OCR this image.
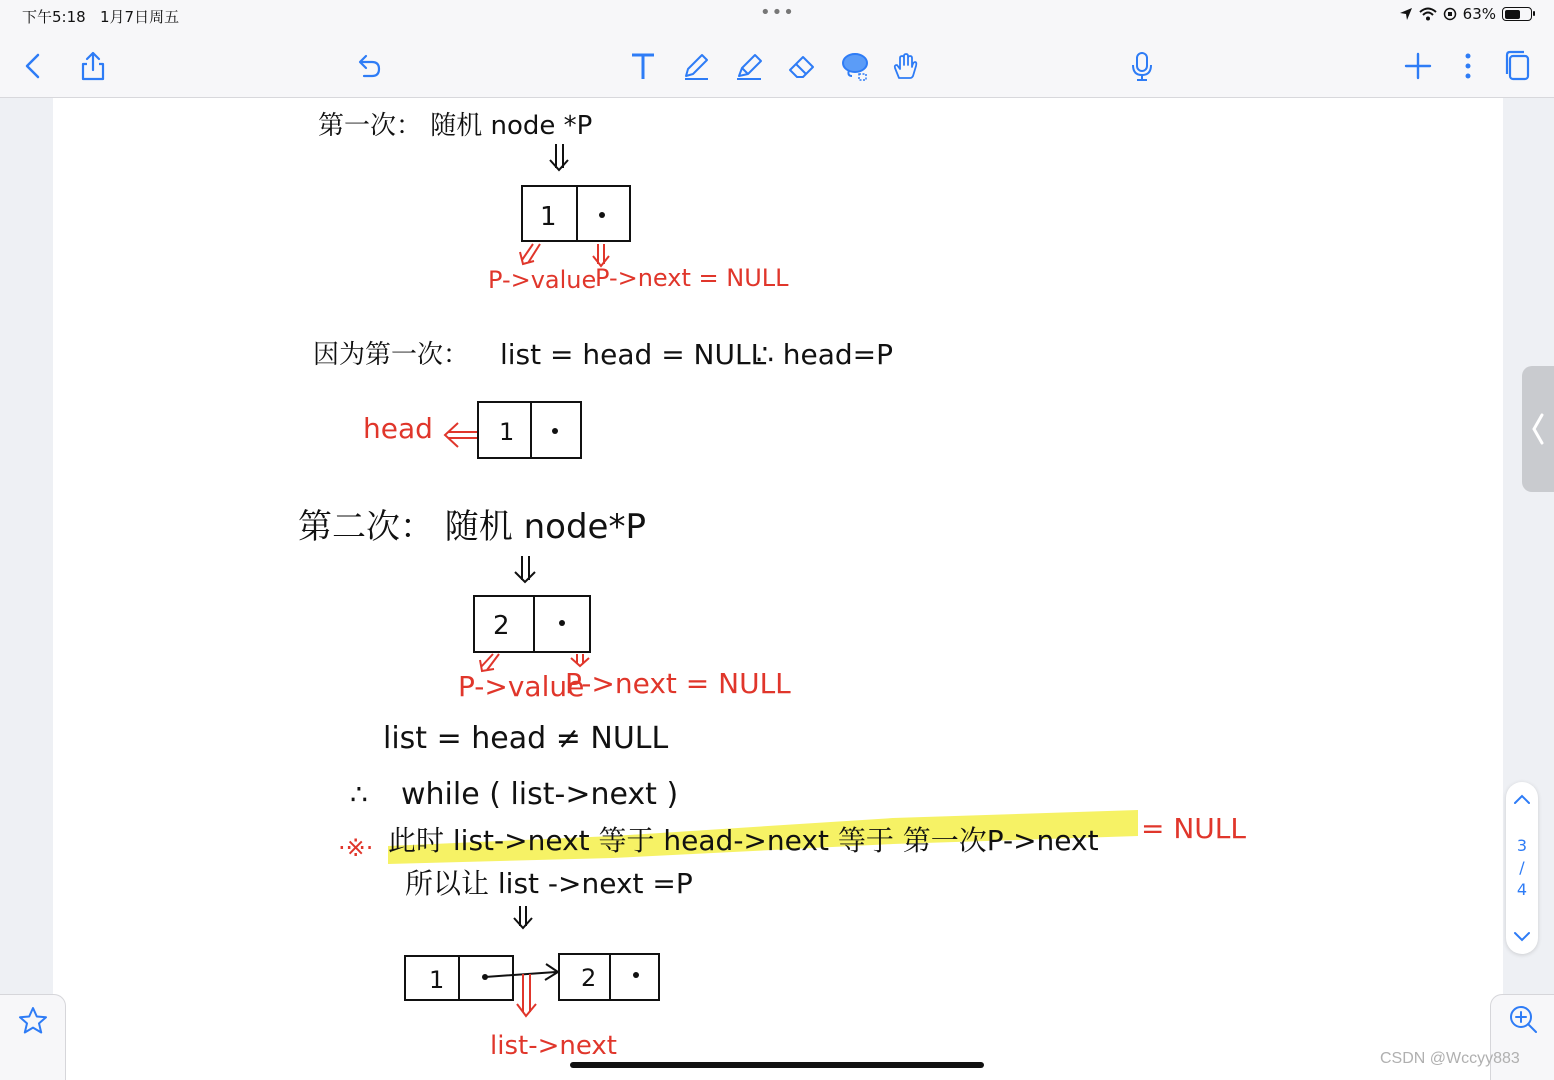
下午5:18 1月7日周五	•••	63%
第一次： 随机 node *P
1
P->value
P->next = NULL
因为第一次： list = head = NULL
∴ head=P
head	1
第二次： 随机 node*P
2
P->value
P->next = NULL
list = head ≠ NULL
∴ while ( list->next )
·※· 此时 list->next 等于 head->next 等于 第一次P->next = NULL
所以让 list ->next =P
1	2
list->next
3
/
4
CSDN @Wccyy883
